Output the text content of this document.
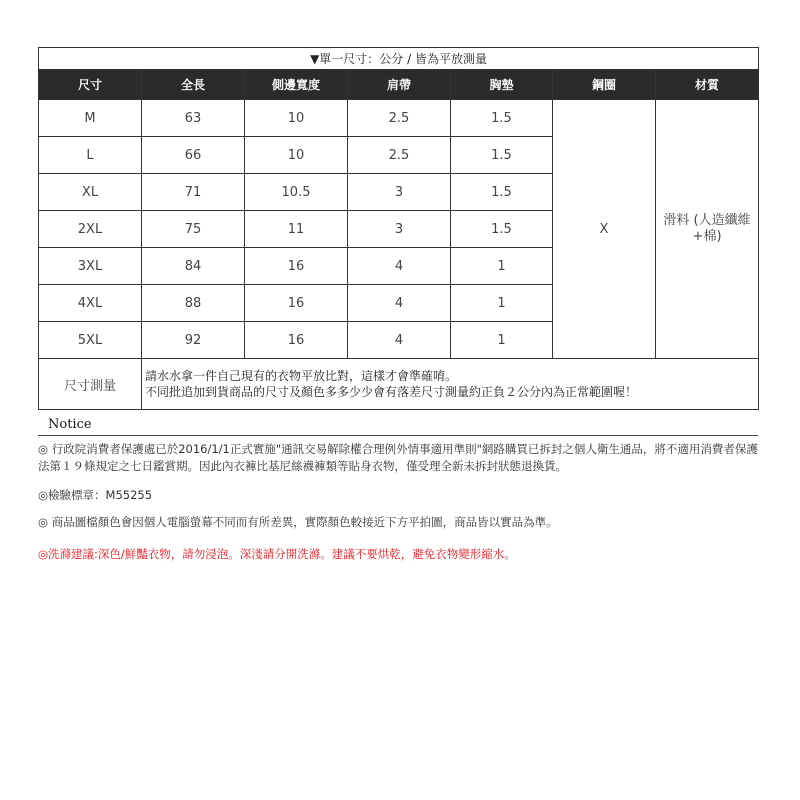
▼單一尺寸：公分 / 皆為平放測量						
尺寸	全長	側邊寬度	肩帶	胸墊	鋼圈	材質
M	63	10	2.5	1.5	X	滑料 (人造纖維+棉)
L	66	10	2.5	1.5		
XL	71	10.5	3	1.5		
2XL	75	11	3	1.5		
3XL	84	16	4	1		
4XL	88	16	4	1		
5XL	92	16	4	1		
尺寸測量	請水水拿一件自己現有的衣物平放比對，這樣才會準確唷。
不同批追加到貨商品的尺寸及顏色多多少少會有落差尺寸測量約正負２公分內為正常範圍喔！					
Notice

◎ 行政院消費者保護處已於2016/1/1正式實施"通訊交易解除權合理例外情事適用準則"網路購買已拆封之個人衛生通品，將不適用消費者保護法第１９條規定之七日鑑賞期。因此內衣褲比基尼絲襪褲類等貼身衣物，僅受理全新未拆封狀態退換貨。

◎檢驗標章：M55255

◎ 商品圖檔顏色會因個人電腦螢幕不同而有所差異，實際顏色較接近下方平拍圖，商品皆以實品為準。

◎洗滌建議:深色/鮮豔衣物，請勿浸泡。深淺請分開洗滌。建議不要烘乾，避免衣物變形縮水。
